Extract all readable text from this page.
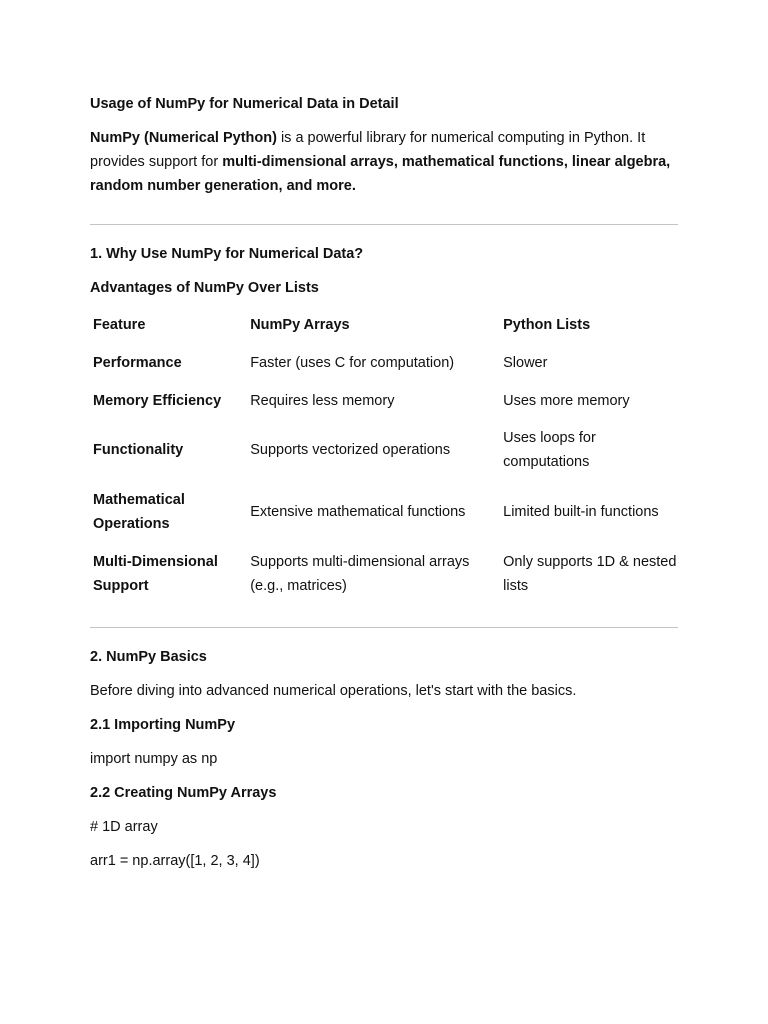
Usage of NumPy for Numerical Data in Detail
NumPy (Numerical Python) is a powerful library for numerical computing in Python. It provides support for multi-dimensional arrays, mathematical functions, linear algebra, random number generation, and more.
1. Why Use NumPy for Numerical Data?
Advantages of NumPy Over Lists
Feature	NumPy Arrays	Python Lists
Performance	Faster (uses C for computation)	Slower
Memory Efficiency	Requires less memory	Uses more memory
Functionality	Supports vectorized operations	Uses loops for computations
Mathematical Operations	Extensive mathematical functions	Limited built-in functions
Multi-Dimensional Support	Supports multi-dimensional arrays (e.g., matrices)	Only supports 1D & nested lists
2. NumPy Basics
Before diving into advanced numerical operations, let's start with the basics.
2.1 Importing NumPy
import numpy as np
2.2 Creating NumPy Arrays
# 1D array
arr1 = np.array([1, 2, 3, 4])
